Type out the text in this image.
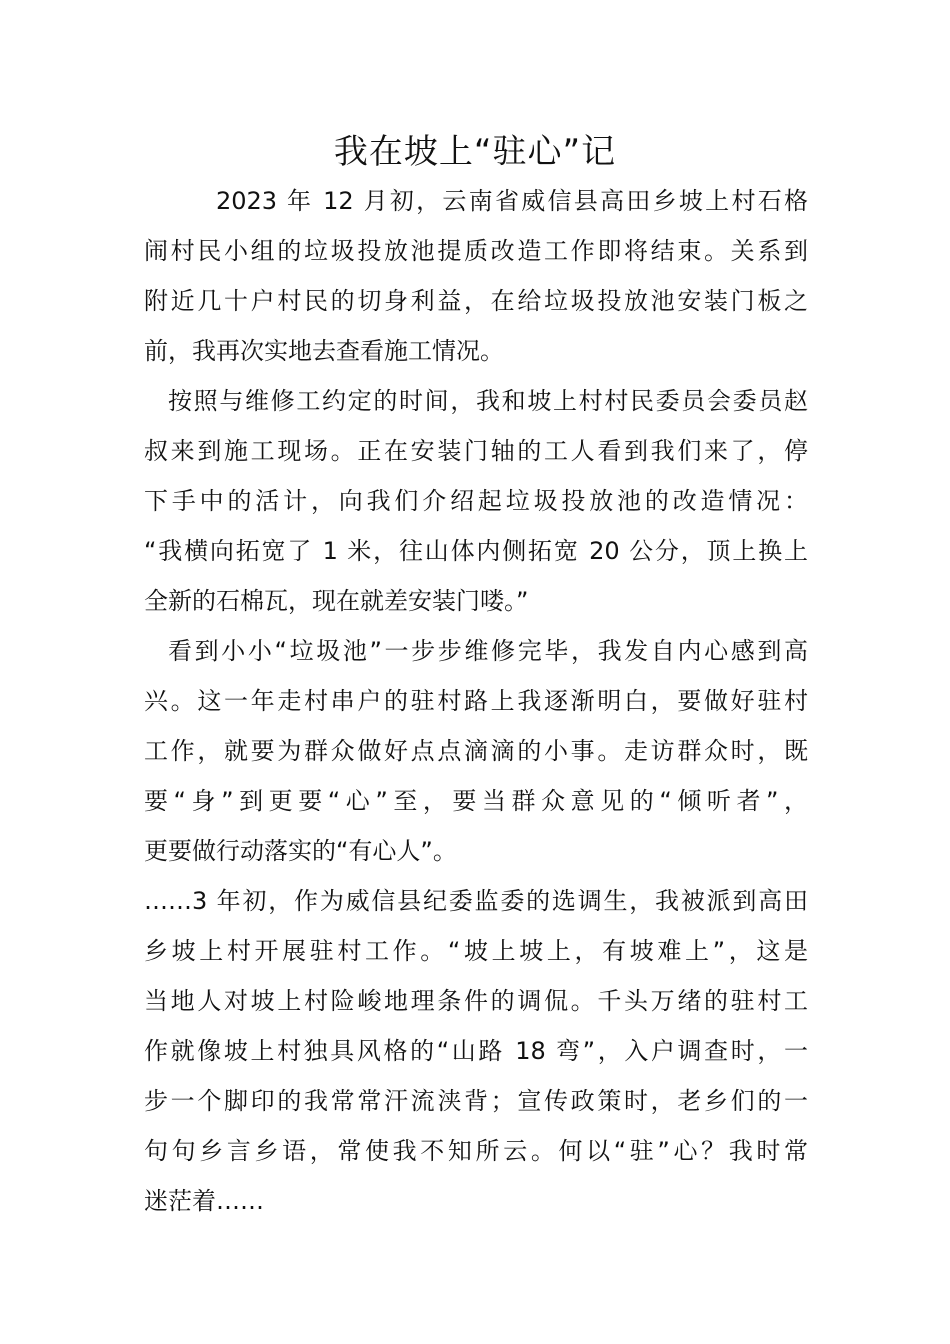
我在坡上“驻心”记
2023 年 12 月初，云南省威信县高田乡坡上村石格
闹村民小组的垃圾投放池提质改造工作即将结束。关系到
附近几十户村民的切身利益，在给垃圾投放池安装门板之
前，我再次实地去查看施工情况。
按照与维修工约定的时间，我和坡上村村民委员会委员赵
叔来到施工现场。正在安装门轴的工人看到我们来了，停
下手中的活计，向我们介绍起垃圾投放池的改造情况：
“我横向拓宽了 1 米，往山体内侧拓宽 20 公分，顶上换上
全新的石棉瓦，现在就差安装门喽。”
看到小小“垃圾池”一步步维修完毕，我发自内心感到高
兴。这一年走村串户的驻村路上我逐渐明白，要做好驻村
工作，就要为群众做好点点滴滴的小事。走访群众时，既
要“身”到更要“心”至，要当群众意见的“倾听者”，
更要做行动落实的“有心人”。
……3 年初，作为威信县纪委监委的选调生，我被派到高田
乡坡上村开展驻村工作。“坡上坡上，有坡难上”，这是
当地人对坡上村险峻地理条件的调侃。千头万绪的驻村工
作就像坡上村独具风格的“山路 18 弯”，入户调查时，一
步一个脚印的我常常汗流浃背；宣传政策时，老乡们的一
句句乡言乡语，常使我不知所云。何以“驻”心？我时常
迷茫着……
